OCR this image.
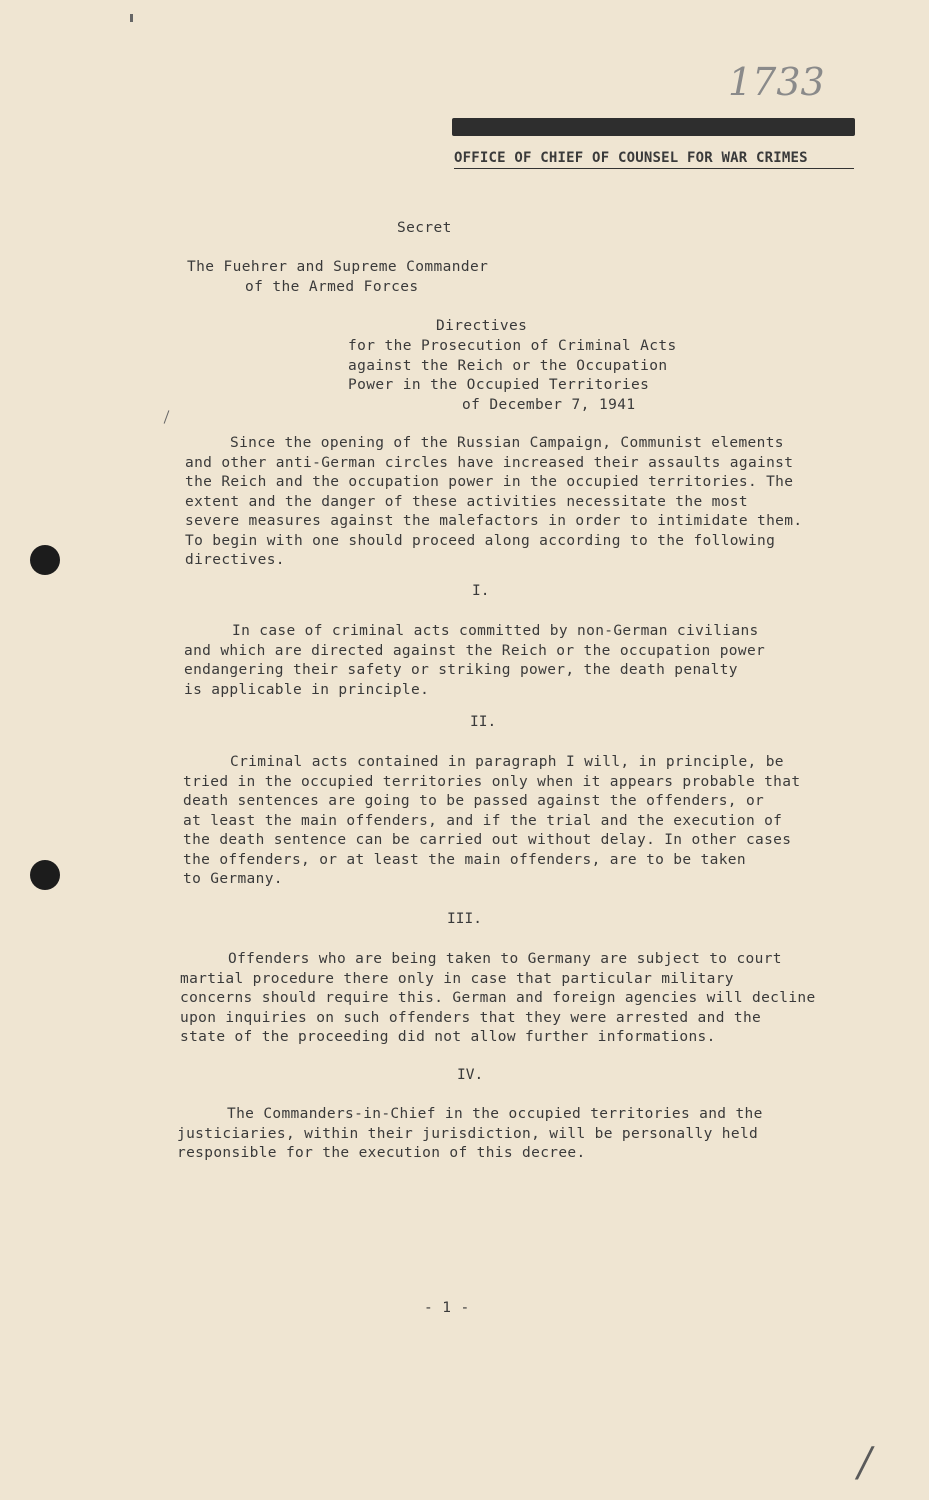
1733
TRANSLATION OF DOCUMENT No. 1733-PS
OFFICE OF CHIEF OF COUNSEL FOR WAR CRIMES
Secret
The Fuehrer and Supreme Commander
of the Armed Forces
Directives
for the Prosecution of Criminal Acts
against the Reich or the Occupation
Power in the Occupied Territories
of December 7, 1941
Since the opening of the Russian Campaign, Communist elements
and other anti-German circles have increased their assaults against
the Reich and the occupation power in the occupied territories. The
extent and the danger of these activities necessitate the most
severe measures against the malefactors in order to intimidate them.
To begin with one should proceed along according to the following
directives.
I.
In case of criminal acts committed by non-German civilians
and which are directed against the Reich or the occupation power
endangering their safety or striking power, the death penalty
is applicable in principle.
II.
Criminal acts contained in paragraph I will, in principle, be
tried in the occupied territories only when it appears probable that
death sentences are going to be passed against the offenders, or
at least the main offenders, and if the trial and the execution of
the death sentence can be carried out without delay. In other cases
the offenders, or at least the main offenders, are to be taken
to Germany.
III.
Offenders who are being taken to Germany are subject to court
martial procedure there only in case that particular military
concerns should require this. German and foreign agencies will decline
upon inquiries on such offenders that they were arrested and the
state of the proceeding did not allow further informations.
IV.
The Commanders-in-Chief in the occupied territories and the
justiciaries, within their jurisdiction, will be personally held
responsible for the execution of this decree.
- 1 -
/
